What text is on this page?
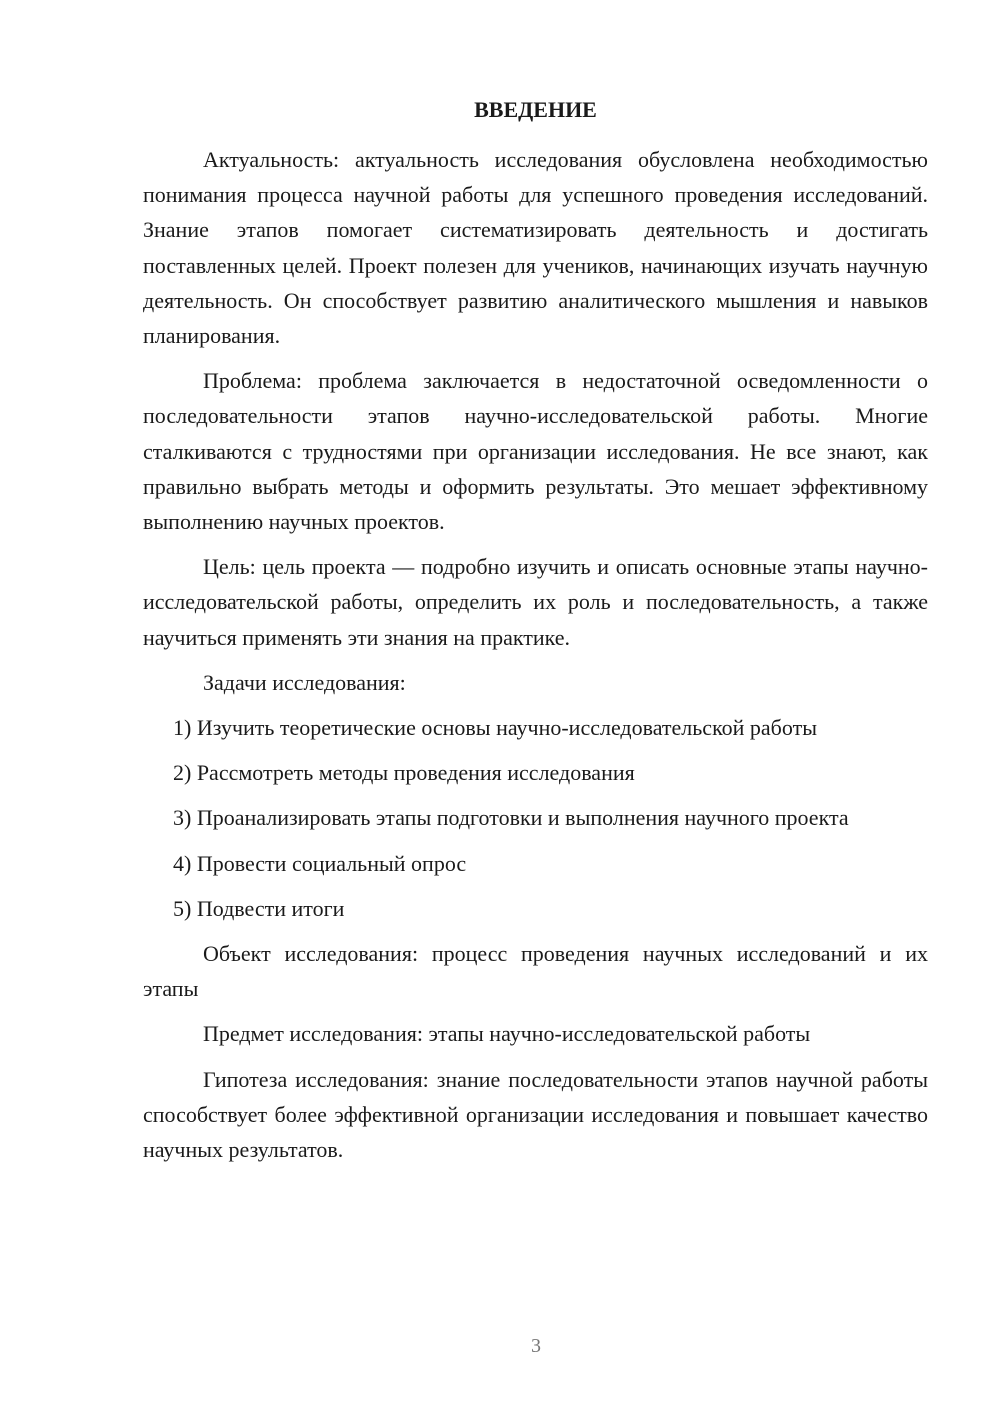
ВВЕДЕНИЕ

Актуальность: актуальность исследования обусловлена необходимостью понимания процесса научной работы для успешного проведения исследований. Знание этапов помогает систематизировать деятельность и достигать поставленных целей. Проект полезен для учеников, начинающих изучать научную деятельность. Он способствует развитию аналитического мышления и навыков планирования.

Проблема: проблема заключается в недостаточной осведомленности о последовательности этапов научно-исследовательской работы. Многие сталкиваются с трудностями при организации исследования. Не все знают, как правильно выбрать методы и оформить результаты. Это мешает эффективному выполнению научных проектов.

Цель: цель проекта — подробно изучить и описать основные этапы научно-исследовательской работы, определить их роль и последовательность, а также научиться применять эти знания на практике.

Задачи исследования:

1) Изучить теоретические основы научно-исследовательской работы

2) Рассмотреть методы проведения исследования

3) Проанализировать этапы подготовки и выполнения научного проекта

4) Провести социальный опрос

5) Подвести итоги

Объект исследования: процесс проведения научных исследований и их этапы

Предмет исследования: этапы научно-исследовательской работы

Гипотеза исследования: знание последовательности этапов научной работы способствует более эффективной организации исследования и повышает качество научных результатов.

3
